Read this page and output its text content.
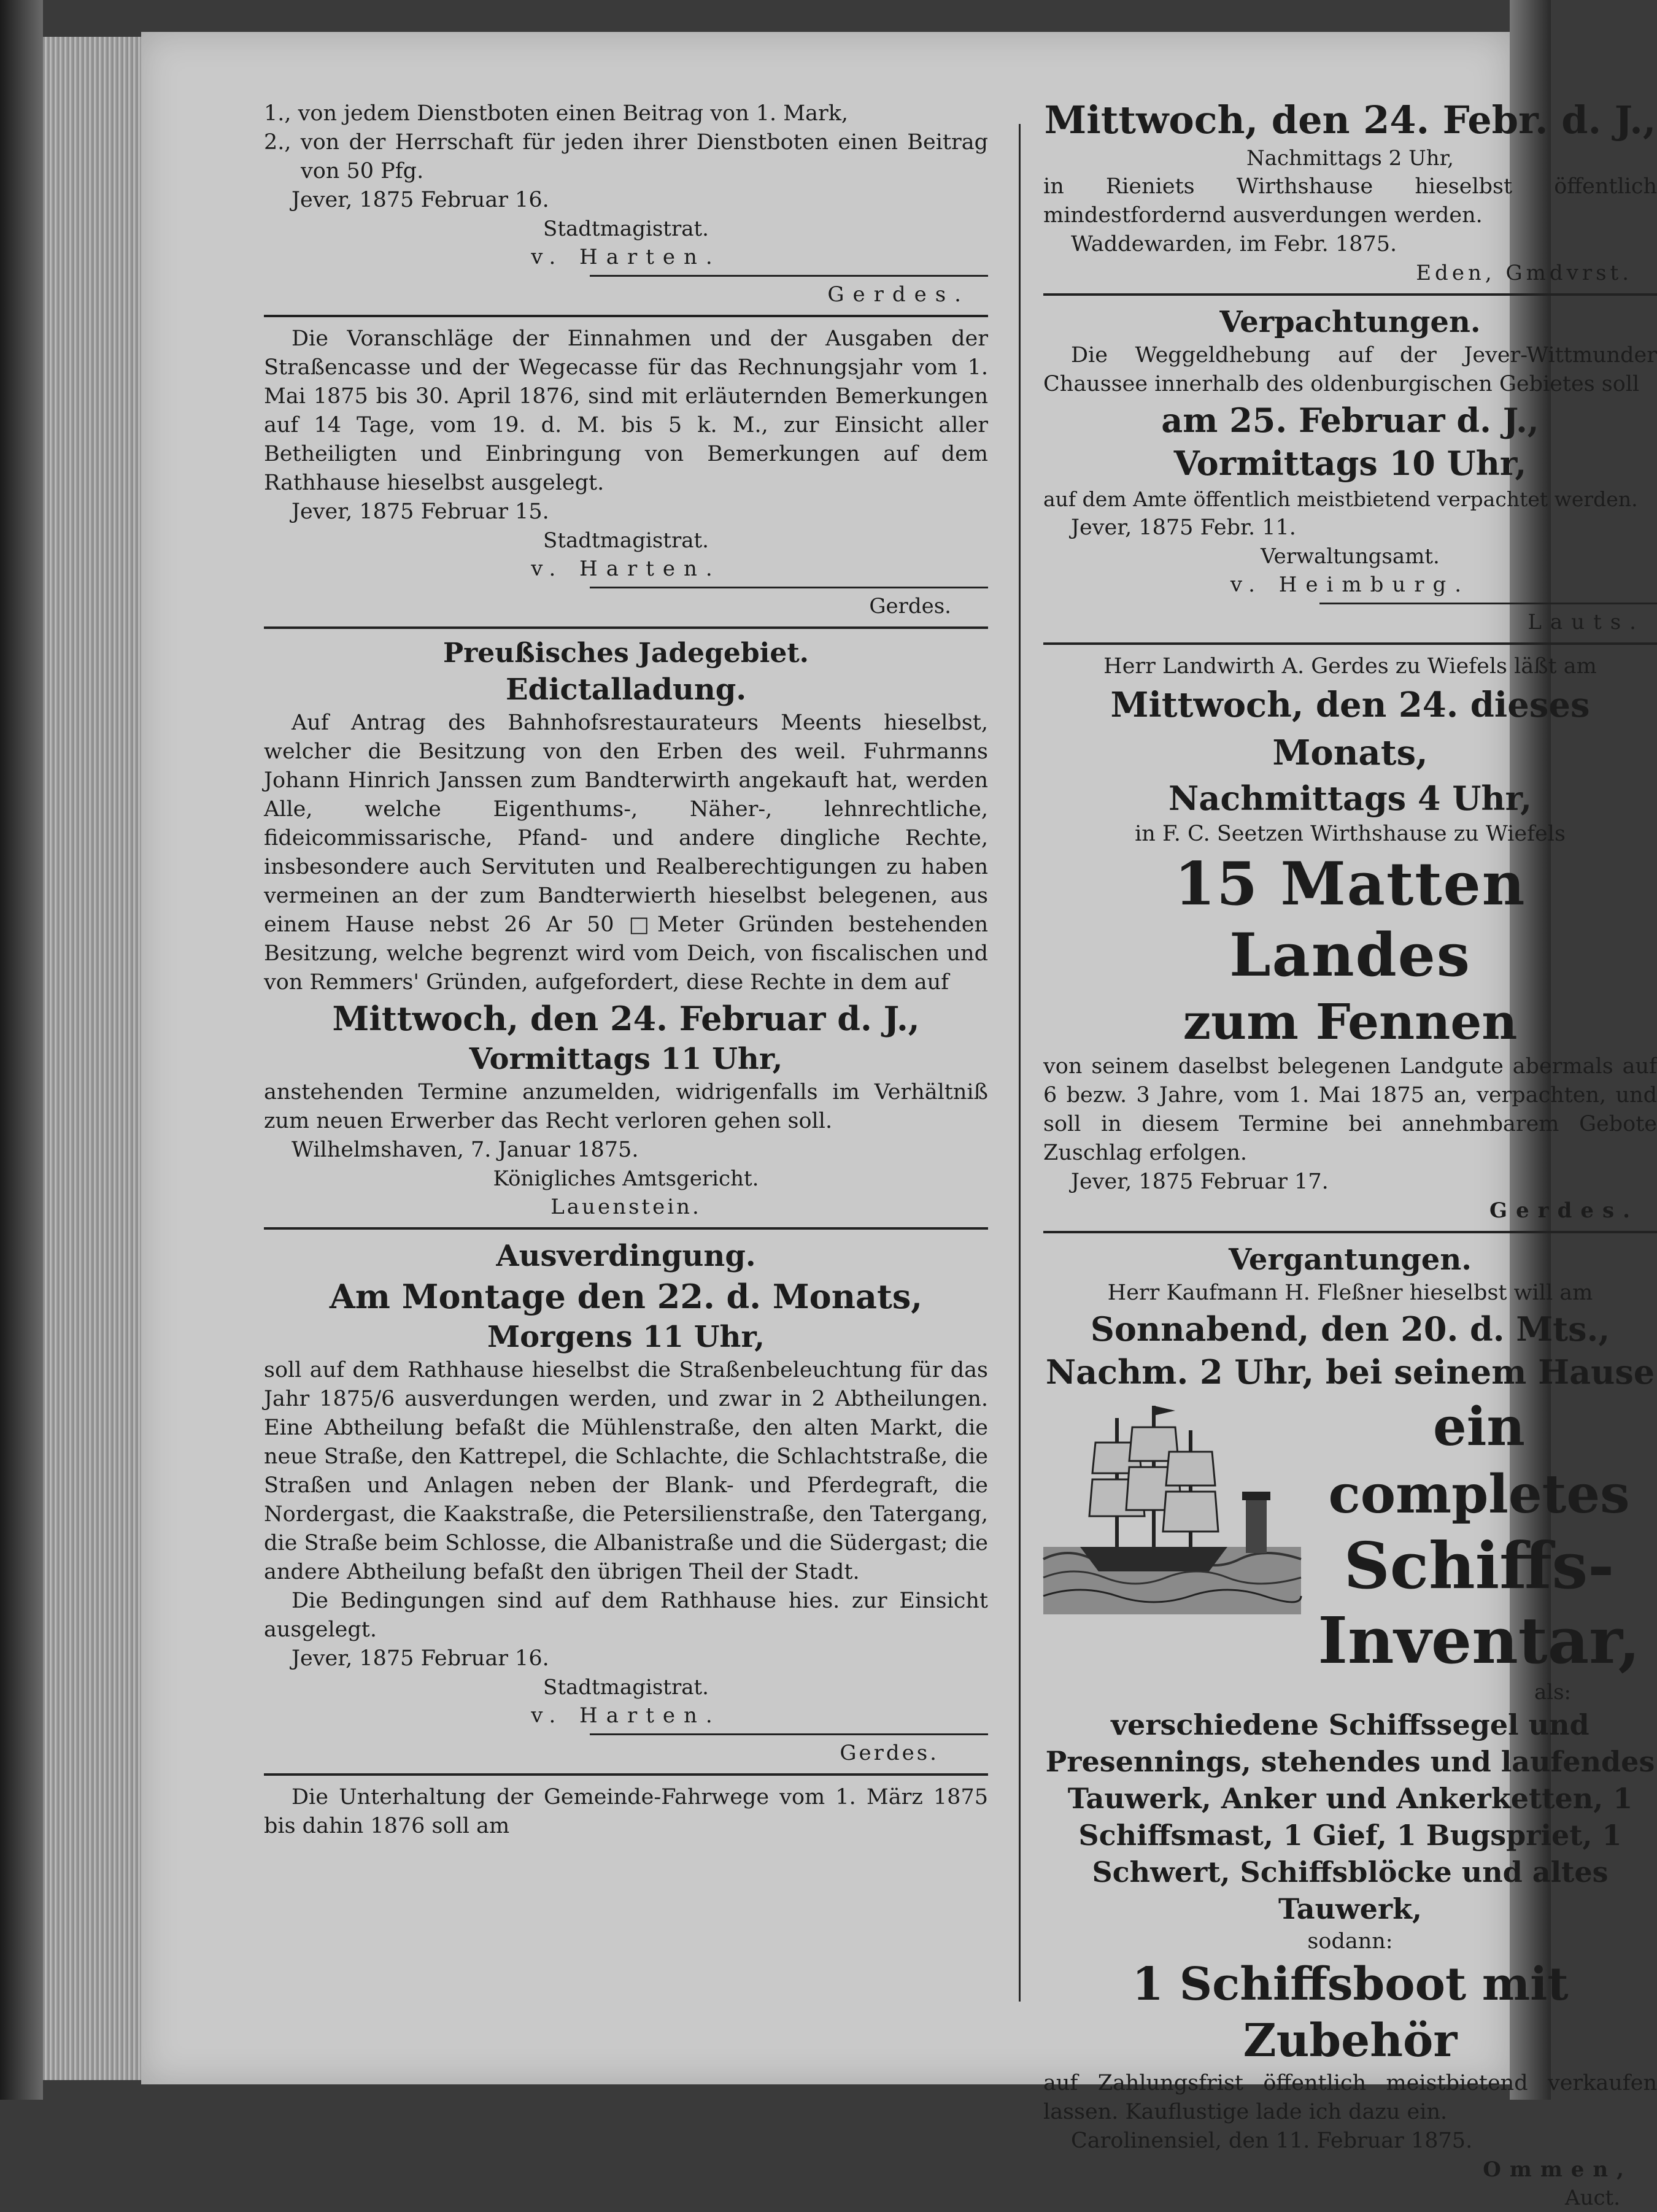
1., von jedem Dienstboten einen Beitrag von 1. Mark,

2., von der Herrschaft für jeden ihrer Dienstboten einen Beitrag von 50 Pfg.

Jever, 1875 Februar 16.

Stadtmagistrat.

v. Harten.

Gerdes.

Die Voranschläge der Einnahmen und der Ausgaben der Straßencasse und der Wegecasse für das Rechnungsjahr vom 1. Mai 1875 bis 30. April 1876, sind mit erläuternden Bemerkungen auf 14 Tage, vom 19. d. M. bis 5 k. M., zur Einsicht aller Betheiligten und Einbringung von Bemerkungen auf dem Rathhause hieselbst ausgelegt.

Jever, 1875 Februar 15.

Stadtmagistrat.

v. Harten.

Gerdes.

Preußisches Jadegebiet.

Edictalladung.

Auf Antrag des Bahnhofsrestaurateurs Meents hieselbst, welcher die Besitzung von den Erben des weil. Fuhrmanns Johann Hinrich Janssen zum Bandterwirth angekauft hat, werden Alle, welche Eigenthums-, Näher-, lehnrechtliche, fideicommissarische, Pfand- und andere dingliche Rechte, insbesondere auch Servituten und Realberechtigungen zu haben vermeinen an der zum Bandterwierth hieselbst belegenen, aus einem Hause nebst 26 Ar 50 □Meter Gründen bestehenden Besitzung, welche begrenzt wird vom Deich, von fiscalischen und von Remmers' Gründen, aufgefordert, diese Rechte in dem auf

Mittwoch, den 24. Februar d. J.,

Vormittags 11 Uhr,

anstehenden Termine anzumelden, widrigenfalls im Verhältniß zum neuen Erwerber das Recht verloren gehen soll.

Wilhelmshaven, 7. Januar 1875.

Königliches Amtsgericht.

Lauenstein.

Ausverdingung.

Am Montage den 22. d. Monats,

Morgens 11 Uhr,

soll auf dem Rathhause hieselbst die Straßenbeleuchtung für das Jahr 1875/6 ausverdungen werden, und zwar in 2 Abtheilungen. Eine Abtheilung befaßt die Mühlenstraße, den alten Markt, die neue Straße, den Kattrepel, die Schlachte, die Schlachtstraße, die Straßen und Anlagen neben der Blank- und Pferdegraft, die Nordergast, die Kaakstraße, die Petersilienstraße, den Tatergang, die Straße beim Schlosse, die Albanistraße und die Südergast; die andere Abtheilung befaßt den übrigen Theil der Stadt.

Die Bedingungen sind auf dem Rathhause hies. zur Einsicht ausgelegt.

Jever, 1875 Februar 16.

Stadtmagistrat.

v. Harten.

Gerdes.

Die Unterhaltung der Gemeinde-Fahrwege vom 1. März 1875 bis dahin 1876 soll am

Mittwoch, den 24. Febr. d. J.,

Nachmittags 2 Uhr,

in Rieniets Wirthshause hieselbst öffentlich mindestfordernd ausverdungen werden.

Waddewarden, im Febr. 1875.

Eden, Gmdvrst.

Verpachtungen.

Die Weggeldhebung auf der Jever-Wittmunder Chaussee innerhalb des oldenburgischen Gebietes soll

am 25. Februar d. J.,

Vormittags 10 Uhr,

auf dem Amte öffentlich meistbietend verpachtet werden.

Jever, 1875 Febr. 11.

Verwaltungsamt.

v. Heimburg.

Lauts.

Herr Landwirth A. Gerdes zu Wiefels läßt am

Mittwoch, den 24. dieses Monats,

Nachmittags 4 Uhr,

in F. C. Seetzen Wirthshause zu Wiefels

15 Matten Landes

zum Fennen

von seinem daselbst belegenen Landgute abermals auf 6 bezw. 3 Jahre, vom 1. Mai 1875 an, verpachten, und soll in diesem Termine bei annehmbarem Gebote Zuschlag erfolgen.

Jever, 1875 Februar 17.

Gerdes.

Vergantungen.

Herr Kaufmann H. Fleßner hieselbst will am

Sonnabend, den 20. d. Mts.,

Nachm. 2 Uhr, bei seinem Hause

ein completes

Schiffs-

Inventar,

als:

verschiedene Schiffssegel und Presennings, stehendes und laufendes Tauwerk, Anker und Ankerketten, 1 Schiffsmast, 1 Gief, 1 Bugspriet, 1 Schwert, Schiffsblöcke und altes Tauwerk,

sodann:

1 Schiffsboot mit

Zubehör

auf Zahlungsfrist öffentlich meistbietend verkaufen lassen. Kauflustige lade ich dazu ein.

Carolinensiel, den 11. Februar 1875.

Ommen,

Auct.
